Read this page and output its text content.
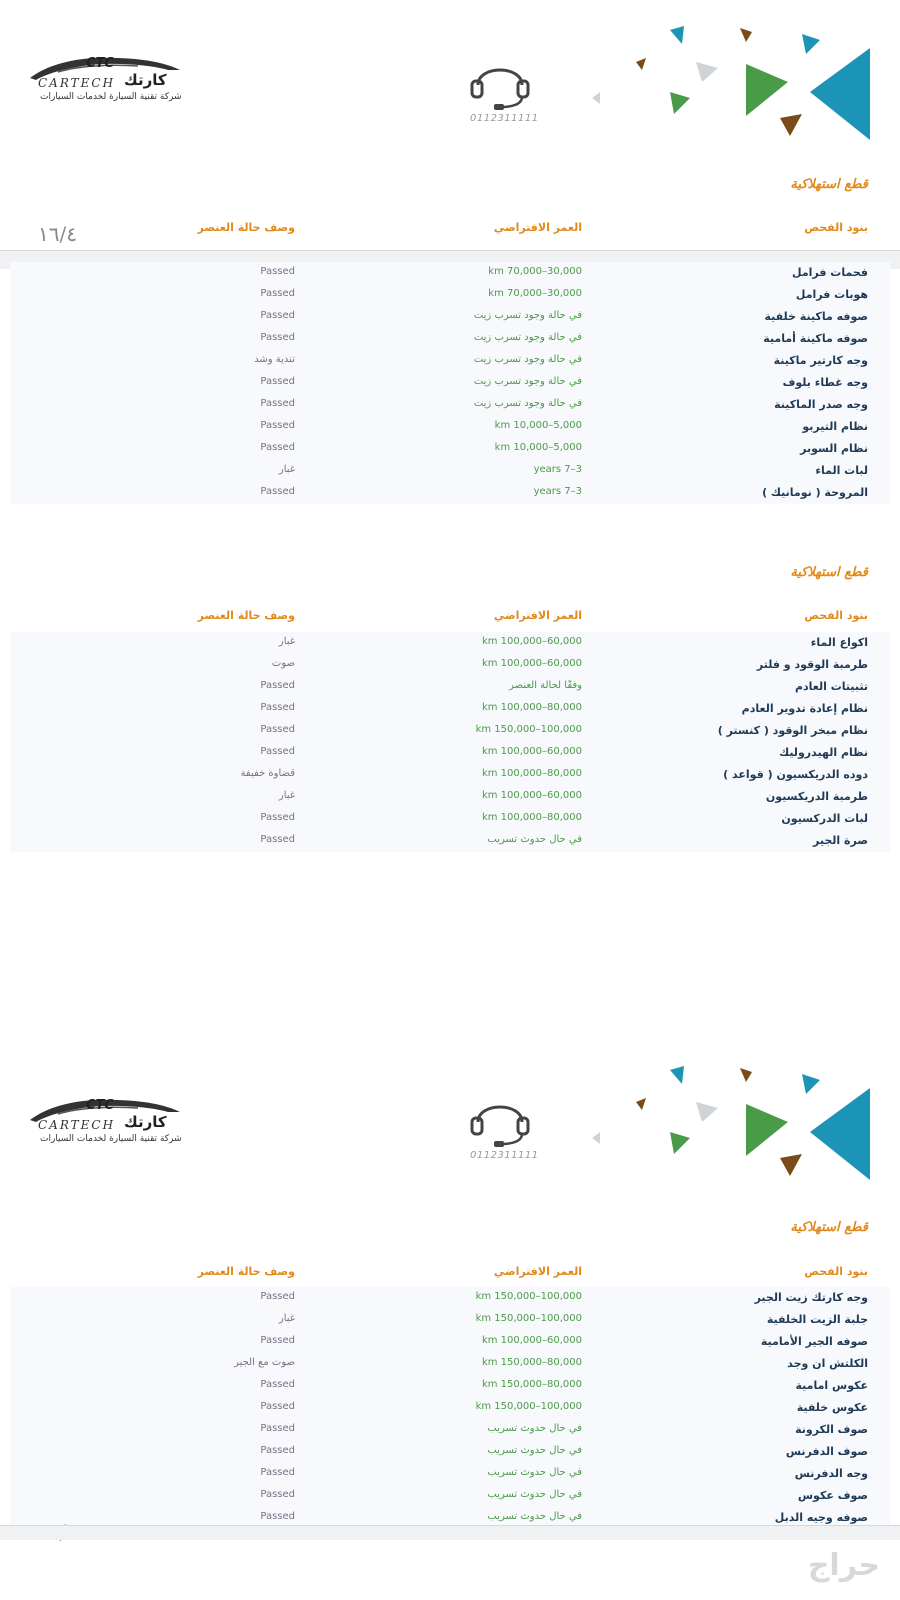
CTC
CARTECH كارتك
شركة تقنية السيارة لخدمات السيارات
0112311111
قطع استهلاكية
بنود الفحص
العمر الافتراضي
وصف حالة العنصر
١٦/٤
فحمات فرامل
km 70,000–30,000
Passed
هوبات فرامل
km 70,000–30,000
Passed
صوفه ماكينة خلفية
في حالة وجود تسرب زيت
Passed
صوفه ماكينة أمامية
في حالة وجود تسرب زيت
Passed
وجه كارتير ماكينة
في حالة وجود تسرب زيت
تندية وشد
وجه غطاء بلوف
في حالة وجود تسرب زيت
Passed
وجه صدر الماكينة
في حالة وجود تسرب زيت
Passed
نظام التيربو
km 10,000–5,000
Passed
نظام السوبر
km 10,000–5,000
Passed
لبات الماء
years 7–3
غبار
المروحة ( نومانيك )
years 7–3
Passed
قطع استهلاكية
بنود الفحص
العمر الافتراضي
وصف حالة العنصر
اكواع الماء
km 100,000–60,000
غبار
طرمبة الوقود و فلتر
km 100,000–60,000
صوت
تثبيتات العادم
وفقًا لحالة العنصر
Passed
نظام إعادة تدوير العادم
km 100,000–80,000
Passed
نظام مبخر الوقود ( كنستر )
km 150,000–100,000
Passed
نظام الهيدروليك
km 100,000–60,000
Passed
دوده الدريكسيون ( قواعد )
km 100,000–80,000
قضاوة خفيفة
طرمبة الدريكسيون
km 100,000–60,000
غبار
لبات الدركسيون
km 100,000–80,000
Passed
صرة الجير
في حال حدوث تسريب
Passed
CTC
CARTECH كارتك
شركة تقنية السيارة لخدمات السيارات
0112311111
قطع استهلاكية
بنود الفحص
العمر الافتراضي
وصف حالة العنصر
وجه كارتك زيت الجير
km 150,000–100,000
Passed
جلبة الزيت الخلفية
km 150,000–100,000
غبار
صوفه الجير الأمامية
km 100,000–60,000
Passed
الكلتش ان وجد
km 150,000–80,000
صوت مع الجير
عكوس امامية
km 150,000–80,000
Passed
عكوس خلفية
km 150,000–100,000
Passed
صوف الكرونة
في حال حدوث تسريب
Passed
صوف الدفرنس
في حال حدوث تسريب
Passed
وجه الدفرنس
في حال حدوث تسريب
Passed
صوف عكوس
في حال حدوث تسريب
Passed
صوفه وجيه الدبل
في حال حدوث تسريب
Passed
حراج
